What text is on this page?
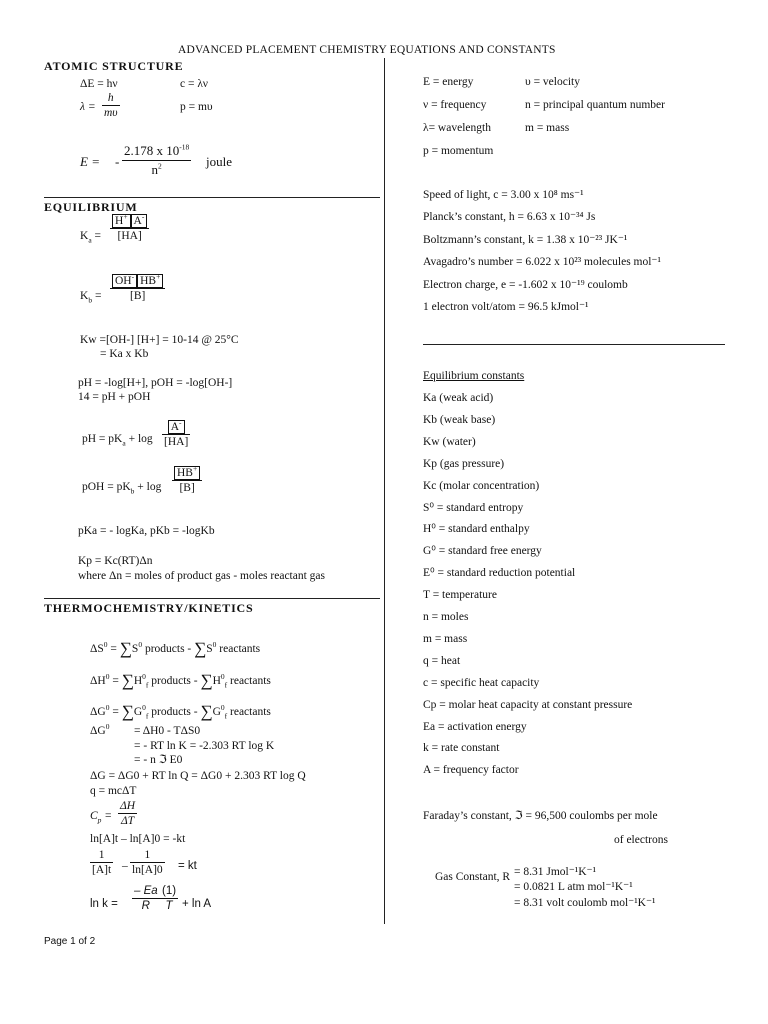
ADVANCED PLACEMENT CHEMISTRY EQUATIONS AND CONSTANTS
ATOMIC STRUCTURE
ΔE = hν	c = λν
λ =
h
mυ	p = mυ
E = -
2.178 x $10^{-18}$
$n^2$	joule
EQUILIBRIUM
$K_a$ =
H+ A-
[HA]
$K_b$ =
OH- HB+
[B]
Kw =[OH-] [H+] = 10-14 @ 25°C
= Ka x Kb
pH = -log[H+], pOH = -log[OH-]
14 = pH + pOH
pH = $pK_a + \log$
A-
[HA]
pOH = $pK_b + \log$
HB+
[B]
pKa = - logKa, pKb = -logKb
Kp = Kc(RT)Δn
where Δn = moles of product gas - moles reactant gas
THERMOCHEMISTRY/KINETICS
$\Delta S^0 = \sum S^0$ products - $\sum S^0$ reactants
$\Delta H^0 = \sum H^0_f$ products - $\sum H^0_f$ reactants
$\Delta G^0 = \sum G^0_f$ products - $\sum G^0_f$ reactants
$\Delta G^0 = \Delta H0 - T\Delta S0$
= - RT ln K = -2.303 RT log K
= - n ℑ E0
ΔG = ΔG0 + RT ln Q = ΔG0 + 2.303 RT log Q
q = mcΔT
$C_p$ =
ΔH
ΔT
ln[A]t – ln[A]0 = -kt
1
[A]t –
1
ln[A]0 = kt
ln k =
– Ea
R
(1)
T + ln A
E = energy	υ = velocity
ν = frequency	n = principal quantum number
λ= wavelength	m = mass
p = momentum
Speed of light, c = 3.00 x 10⁸ ms⁻¹
Planck’s constant, h = 6.63 x 10⁻³⁴ Js
Boltzmann’s constant, k = 1.38 x 10⁻²³ JK⁻¹
Avagadro’s number = 6.022 x 10²³ molecules mol⁻¹
Electron charge, e = -1.602 x 10⁻¹⁹ coulomb
1 electron volt/atom = 96.5 kJmol⁻¹
Equilibrium constants
Ka (weak acid)
Kb (weak base)
Kw (water)
Kp (gas pressure)
Kc (molar concentration)
S⁰ = standard entropy
H⁰ = standard enthalpy
G⁰ = standard free energy
E⁰ = standard reduction potential
T = temperature
n = moles
m = mass
q = heat
c = specific heat capacity
Cp = molar heat capacity at constant pressure
Ea = activation energy
k = rate constant
A = frequency factor
Faraday’s constant, ℑ = 96,500 coulombs per mole
of electrons
Gas Constant, R = 8.31 Jmol⁻¹K⁻¹
= 0.0821 L atm mol⁻¹K⁻¹
= 8.31 volt coulomb mol⁻¹K⁻¹
Page 1 of 2
